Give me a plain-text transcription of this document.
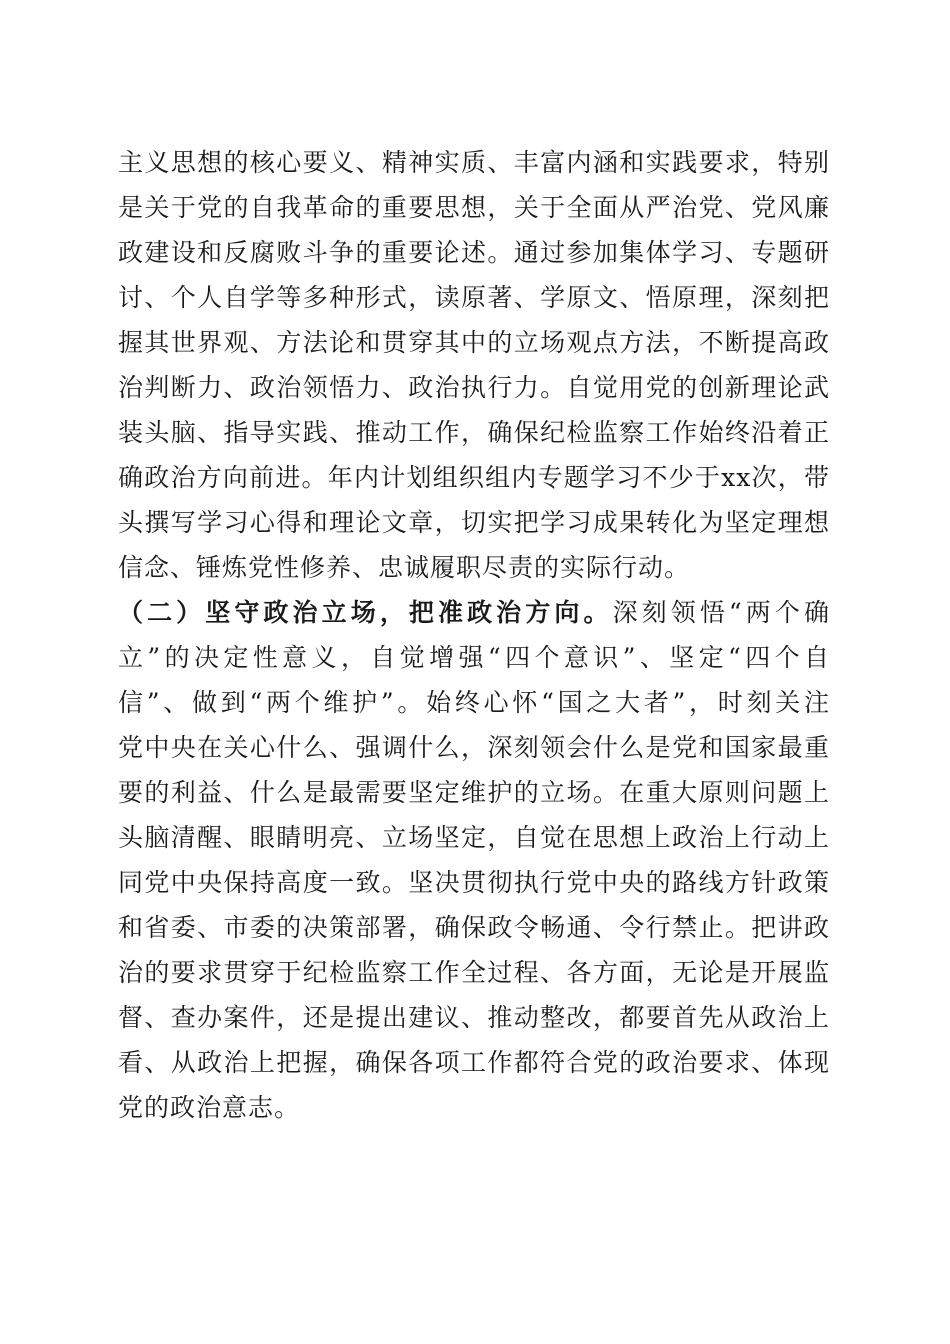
主义思想的核心要义、精神实质、丰富内涵和实践要求，特别
是关于党的自我革命的重要思想，关于全面从严治党、党风廉
政建设和反腐败斗争的重要论述。通过参加集体学习、专题研
讨、个人自学等多种形式，读原著、学原文、悟原理，深刻把
握其世界观、方法论和贯穿其中的立场观点方法，不断提高政
治判断力、政治领悟力、政治执行力。自觉用党的创新理论武
装头脑、指导实践、推动工作，确保纪检监察工作始终沿着正
确政治方向前进。年内计划组织组内专题学习不少于xx次，带
头撰写学习心得和理论文章，切实把学习成果转化为坚定理想
信念、锤炼党性修养、忠诚履职尽责的实际行动。
（二）坚守政治立场，把准政治方向。深刻领悟“两个确
立”的决定性意义，自觉增强“四个意识”、坚定“四个自
信”、做到“两个维护”。始终心怀“国之大者”，时刻关注
党中央在关心什么、强调什么，深刻领会什么是党和国家最重
要的利益、什么是最需要坚定维护的立场。在重大原则问题上
头脑清醒、眼睛明亮、立场坚定，自觉在思想上政治上行动上
同党中央保持高度一致。坚决贯彻执行党中央的路线方针政策
和省委、市委的决策部署，确保政令畅通、令行禁止。把讲政
治的要求贯穿于纪检监察工作全过程、各方面，无论是开展监
督、查办案件，还是提出建议、推动整改，都要首先从政治上
看、从政治上把握，确保各项工作都符合党的政治要求、体现
党的政治意志。
